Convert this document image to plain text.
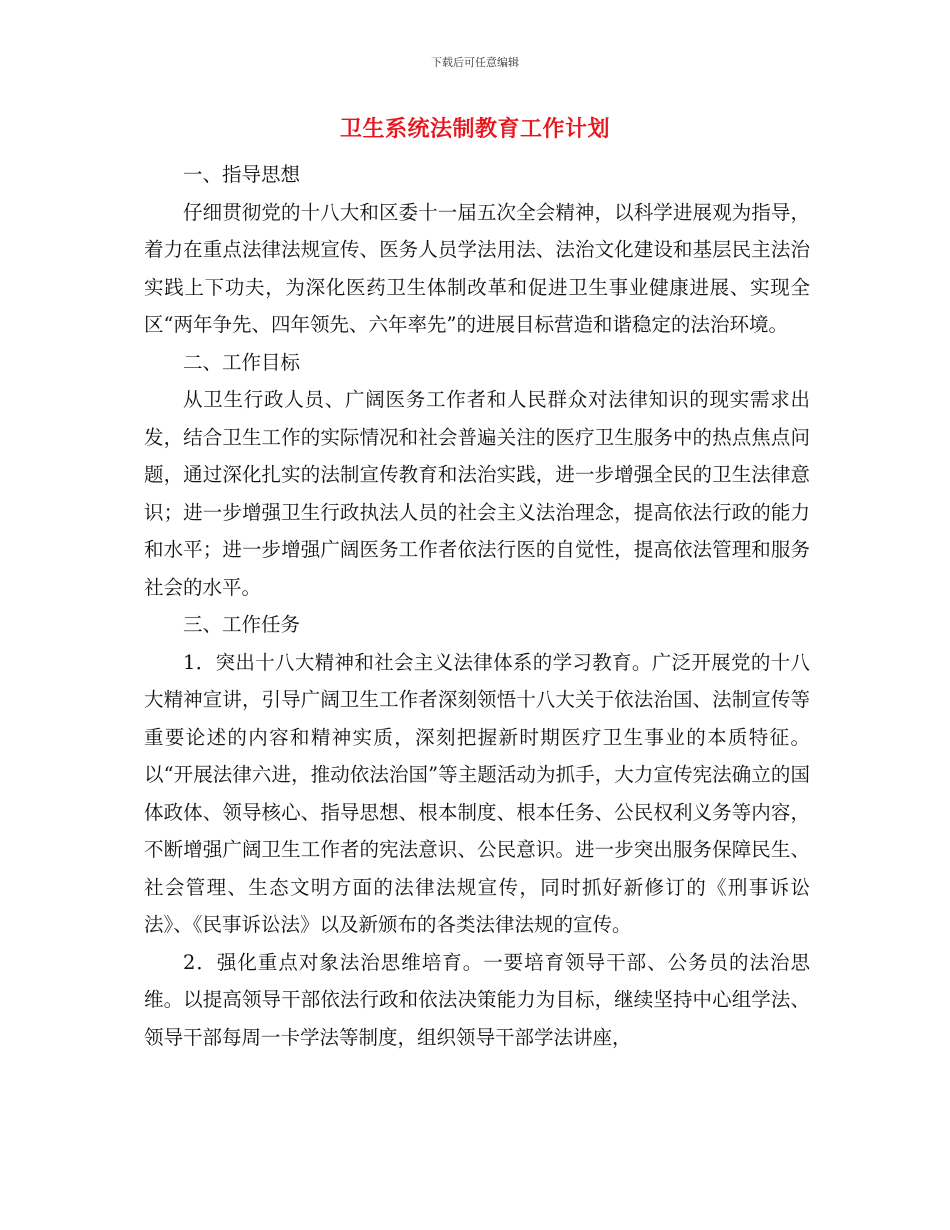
下载后可任意编辑
卫生系统法制教育工作计划

一、指导思想

仔细贯彻党的十八大和区委十一届五次全会精神，以科学进展观为指导，着力在重点法律法规宣传、医务人员学法用法、法治文化建设和基层民主法治实践上下功夫，为深化医药卫生体制改革和促进卫生事业健康进展、实现全区“两年争先、四年领先、六年率先”的进展目标营造和谐稳定的法治环境。

二、工作目标

从卫生行政人员、广阔医务工作者和人民群众对法律知识的现实需求出发，结合卫生工作的实际情况和社会普遍关注的医疗卫生服务中的热点焦点问题，通过深化扎实的法制宣传教育和法治实践，进一步增强全民的卫生法律意识；进一步增强卫生行政执法人员的社会主义法治理念，提高依法行政的能力和水平；进一步增强广阔医务工作者依法行医的自觉性，提高依法管理和服务社会的水平。

三、工作任务

1．突出十八大精神和社会主义法律体系的学习教育。广泛开展党的十八大精神宣讲，引导广阔卫生工作者深刻领悟十八大关于依法治国、法制宣传等重要论述的内容和精神实质，深刻把握新时期医疗卫生事业的本质特征。以“开展法律六进，推动依法治国”等主题活动为抓手，大力宣传宪法确立的国体政体、领导核心、指导思想、根本制度、根本任务、公民权利义务等内容，不断增强广阔卫生工作者的宪法意识、公民意识。进一步突出服务保障民生、社会管理、生态文明方面的法律法规宣传，同时抓好新修订的《刑事诉讼法》、《民事诉讼法》以及新颁布的各类法律法规的宣传。

2．强化重点对象法治思维培育。一要培育领导干部、公务员的法治思维。以提高领导干部依法行政和依法决策能力为目标，继续坚持中心组学法、领导干部每周一卡学法等制度，组织领导干部学法讲座，
